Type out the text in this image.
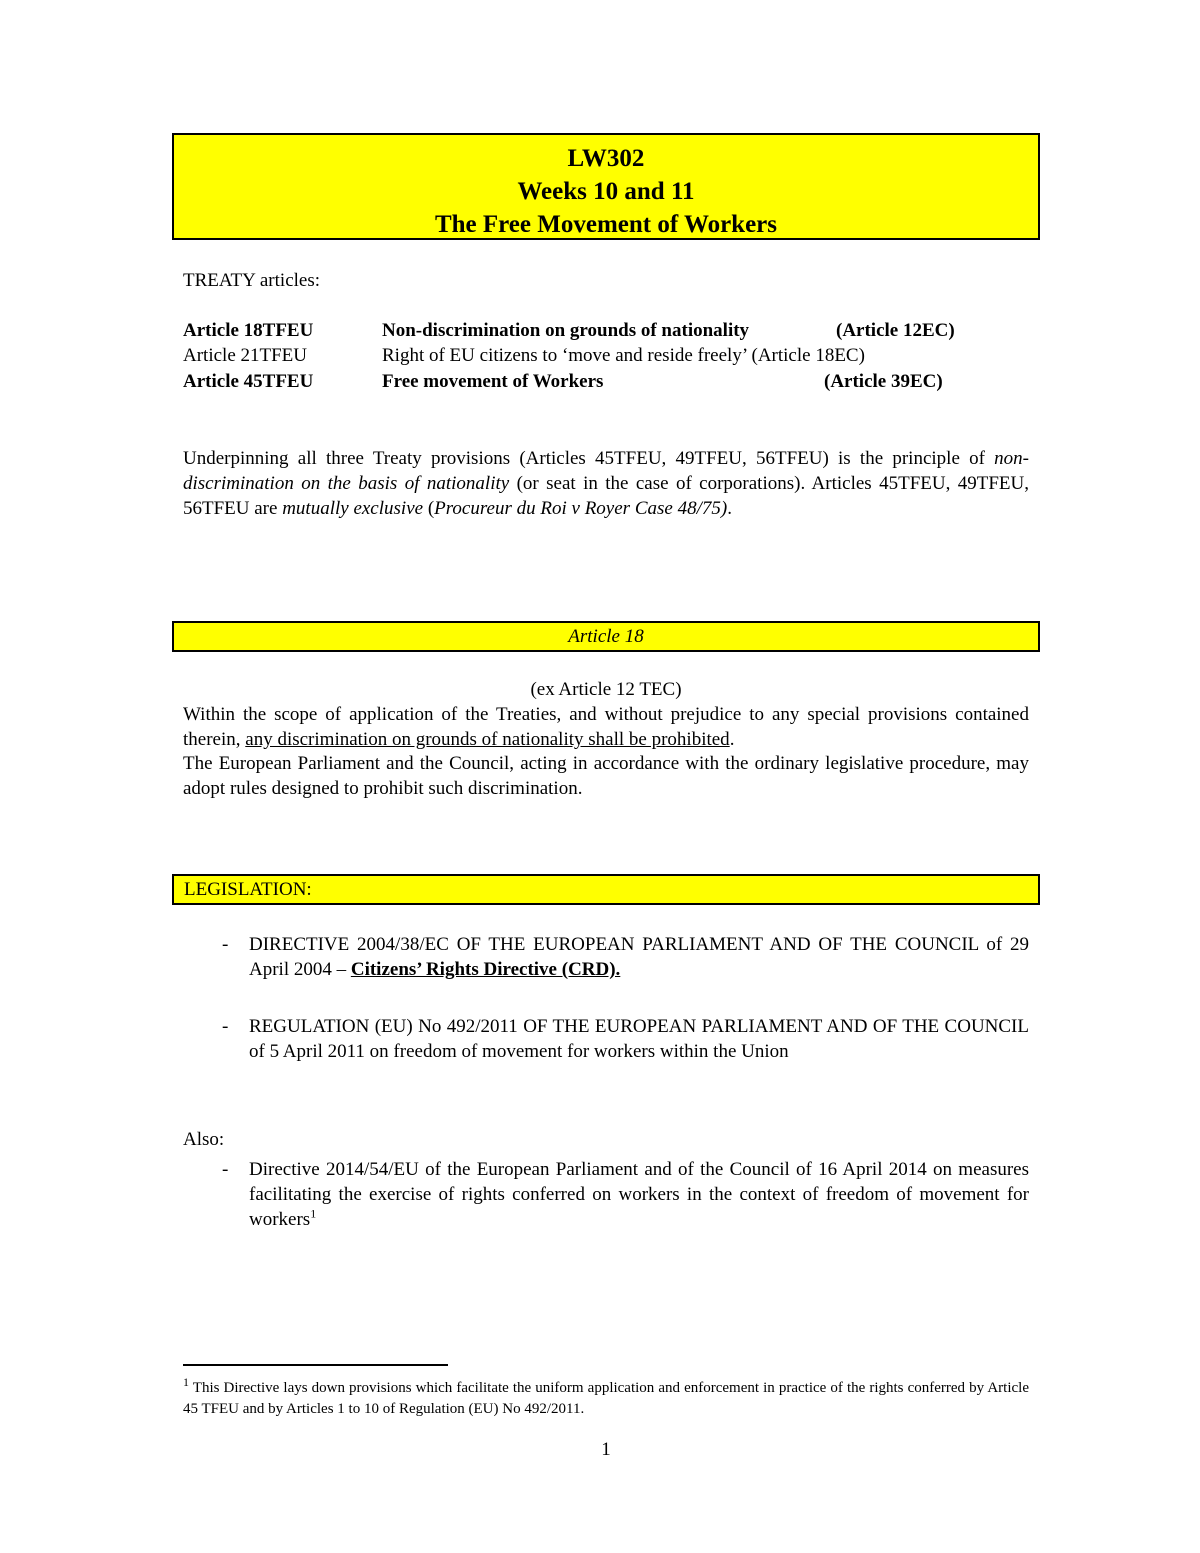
LW302
Weeks 10 and 11
The Free Movement of Workers
TREATY articles:
Article 18TFEU	Non-discrimination on grounds of nationality	(Article 12EC)
Article 21TFEU	Right of EU citizens to ‘move and reside freely’ (Article 18EC)
Article 45TFEU	Free movement of Workers	(Article 39EC)
Underpinning all three Treaty provisions (Articles 45TFEU, 49TFEU, 56TFEU) is the principle of non-discrimination on the basis of nationality (or seat in the case of corporations). Articles 45TFEU, 49TFEU, 56TFEU are mutually exclusive (Procureur du Roi v Royer Case 48/75).
Article 18
(ex Article 12 TEC)
Within the scope of application of the Treaties, and without prejudice to any special provisions contained therein, any discrimination on grounds of nationality shall be prohibited.
The European Parliament and the Council, acting in accordance with the ordinary legislative procedure, may adopt rules designed to prohibit such discrimination.
LEGISLATION:
- DIRECTIVE 2004/38/EC OF THE EUROPEAN PARLIAMENT AND OF THE COUNCIL of 29 April 2004 – Citizens’ Rights Directive (CRD).
- REGULATION (EU) No 492/2011 OF THE EUROPEAN PARLIAMENT AND OF THE COUNCIL of 5 April 2011 on freedom of movement for workers within the Union
Also:
- Directive 2014/54/EU of the European Parliament and of the Council of 16 April 2014 on measures facilitating the exercise of rights conferred on workers in the context of freedom of movement for workers$^1$
$^1$ This Directive lays down provisions which facilitate the uniform application and enforcement in practice of the rights conferred by Article 45 TFEU and by Articles 1 to 10 of Regulation (EU) No 492/2011.
1
